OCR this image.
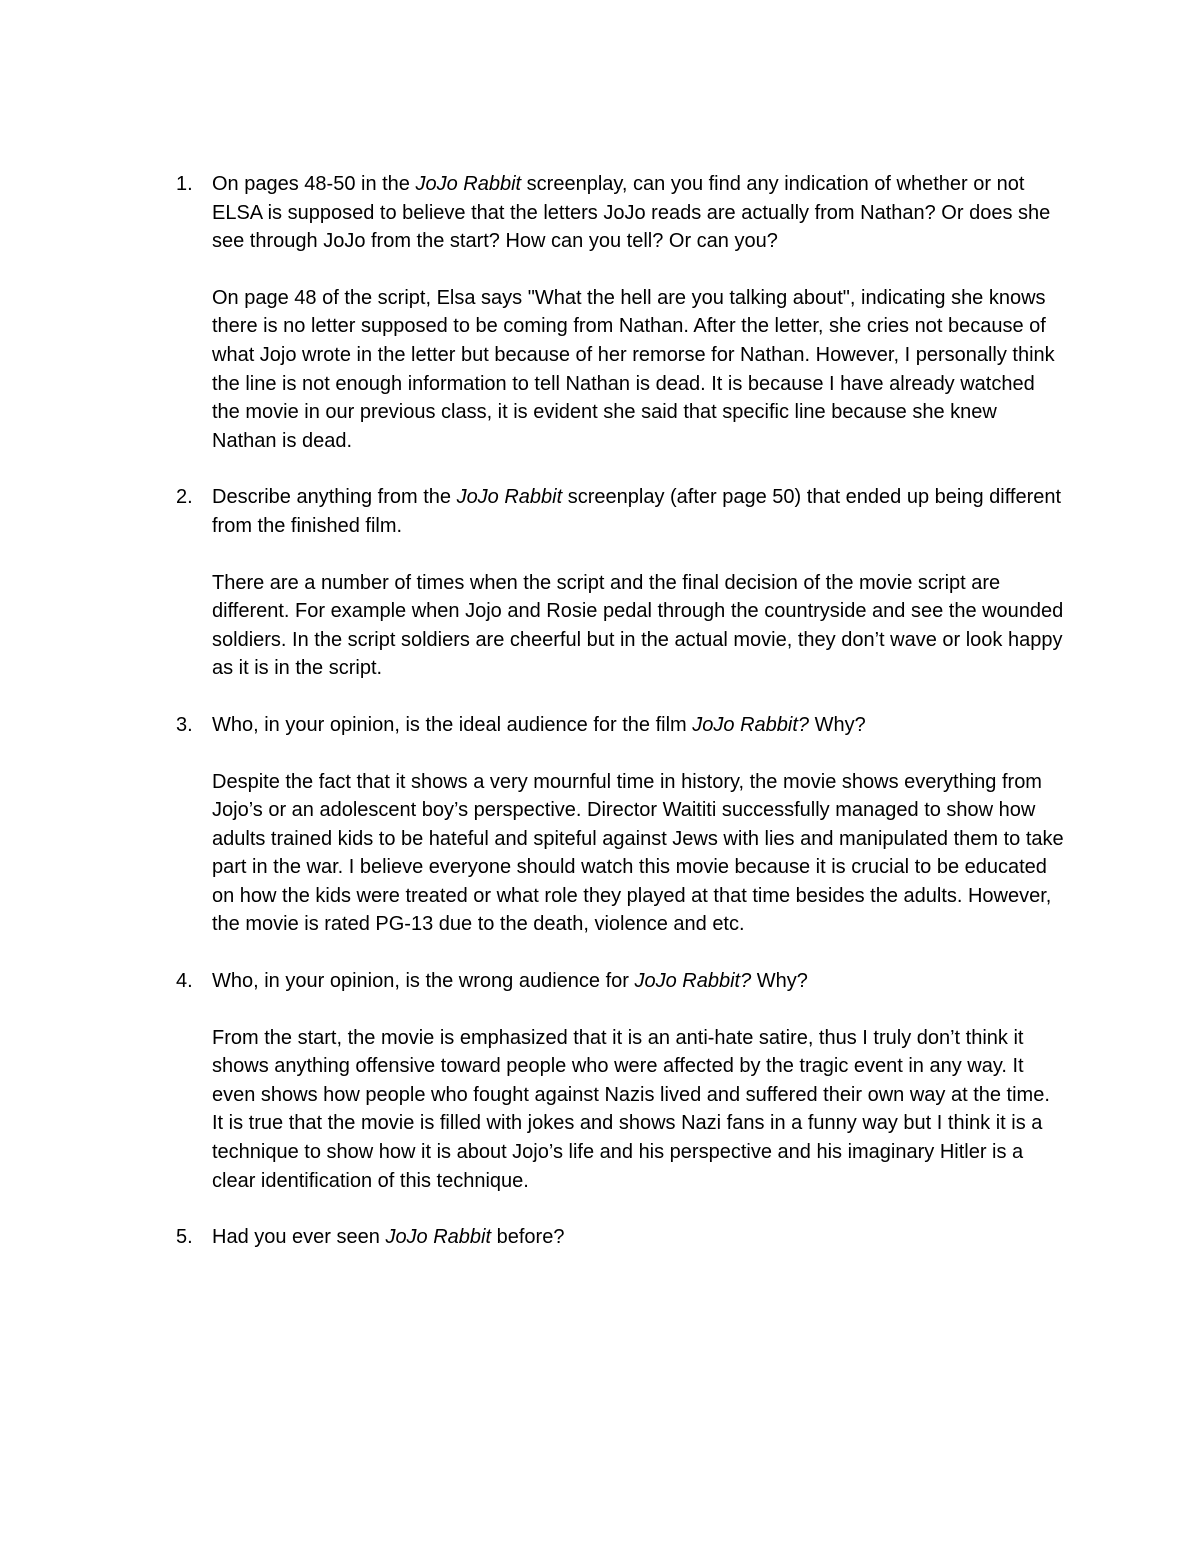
1. On pages 48-50 in the JoJo Rabbit screenplay, can you find any indication of whether or not ELSA is supposed to believe that the letters JoJo reads are actually from Nathan? Or does she see through JoJo from the start? How can you tell? Or can you?

On page 48 of the script, Elsa says "What the hell are you talking about", indicating she knows there is no letter supposed to be coming from Nathan. After the letter, she cries not because of what Jojo wrote in the letter but because of her remorse for Nathan. However, I personally think the line is not enough information to tell Nathan is dead. It is because I have already watched the movie in our previous class, it is evident she said that specific line because she knew Nathan is dead.

2. Describe anything from the JoJo Rabbit screenplay (after page 50) that ended up being different from the finished film.

There are a number of times when the script and the final decision of the movie script are different. For example when Jojo and Rosie pedal through the countryside and see the wounded soldiers. In the script soldiers are cheerful but in the actual movie, they don’t wave or look happy as it is in the script.

3. Who, in your opinion, is the ideal audience for the film JoJo Rabbit? Why?

Despite the fact that it shows a very mournful time in history, the movie shows everything from Jojo’s or an adolescent boy’s perspective. Director Waititi successfully managed to show how adults trained kids to be hateful and spiteful against Jews with lies and manipulated them to take part in the war. I believe everyone should watch this movie because it is crucial to be educated on how the kids were treated or what role they played at that time besides the adults. However, the movie is rated PG-13 due to the death, violence and etc.

4. Who, in your opinion, is the wrong audience for JoJo Rabbit? Why?

From the start, the movie is emphasized that it is an anti-hate satire, thus I truly don’t think it shows anything offensive toward people who were affected by the tragic event in any way. It even shows how people who fought against Nazis lived and suffered their own way at the time. It is true that the movie is filled with jokes and shows Nazi fans in a funny way but I think it is a technique to show how it is about Jojo’s life and his perspective and his imaginary Hitler is a clear identification of this technique.

5. Had you ever seen JoJo Rabbit before?
